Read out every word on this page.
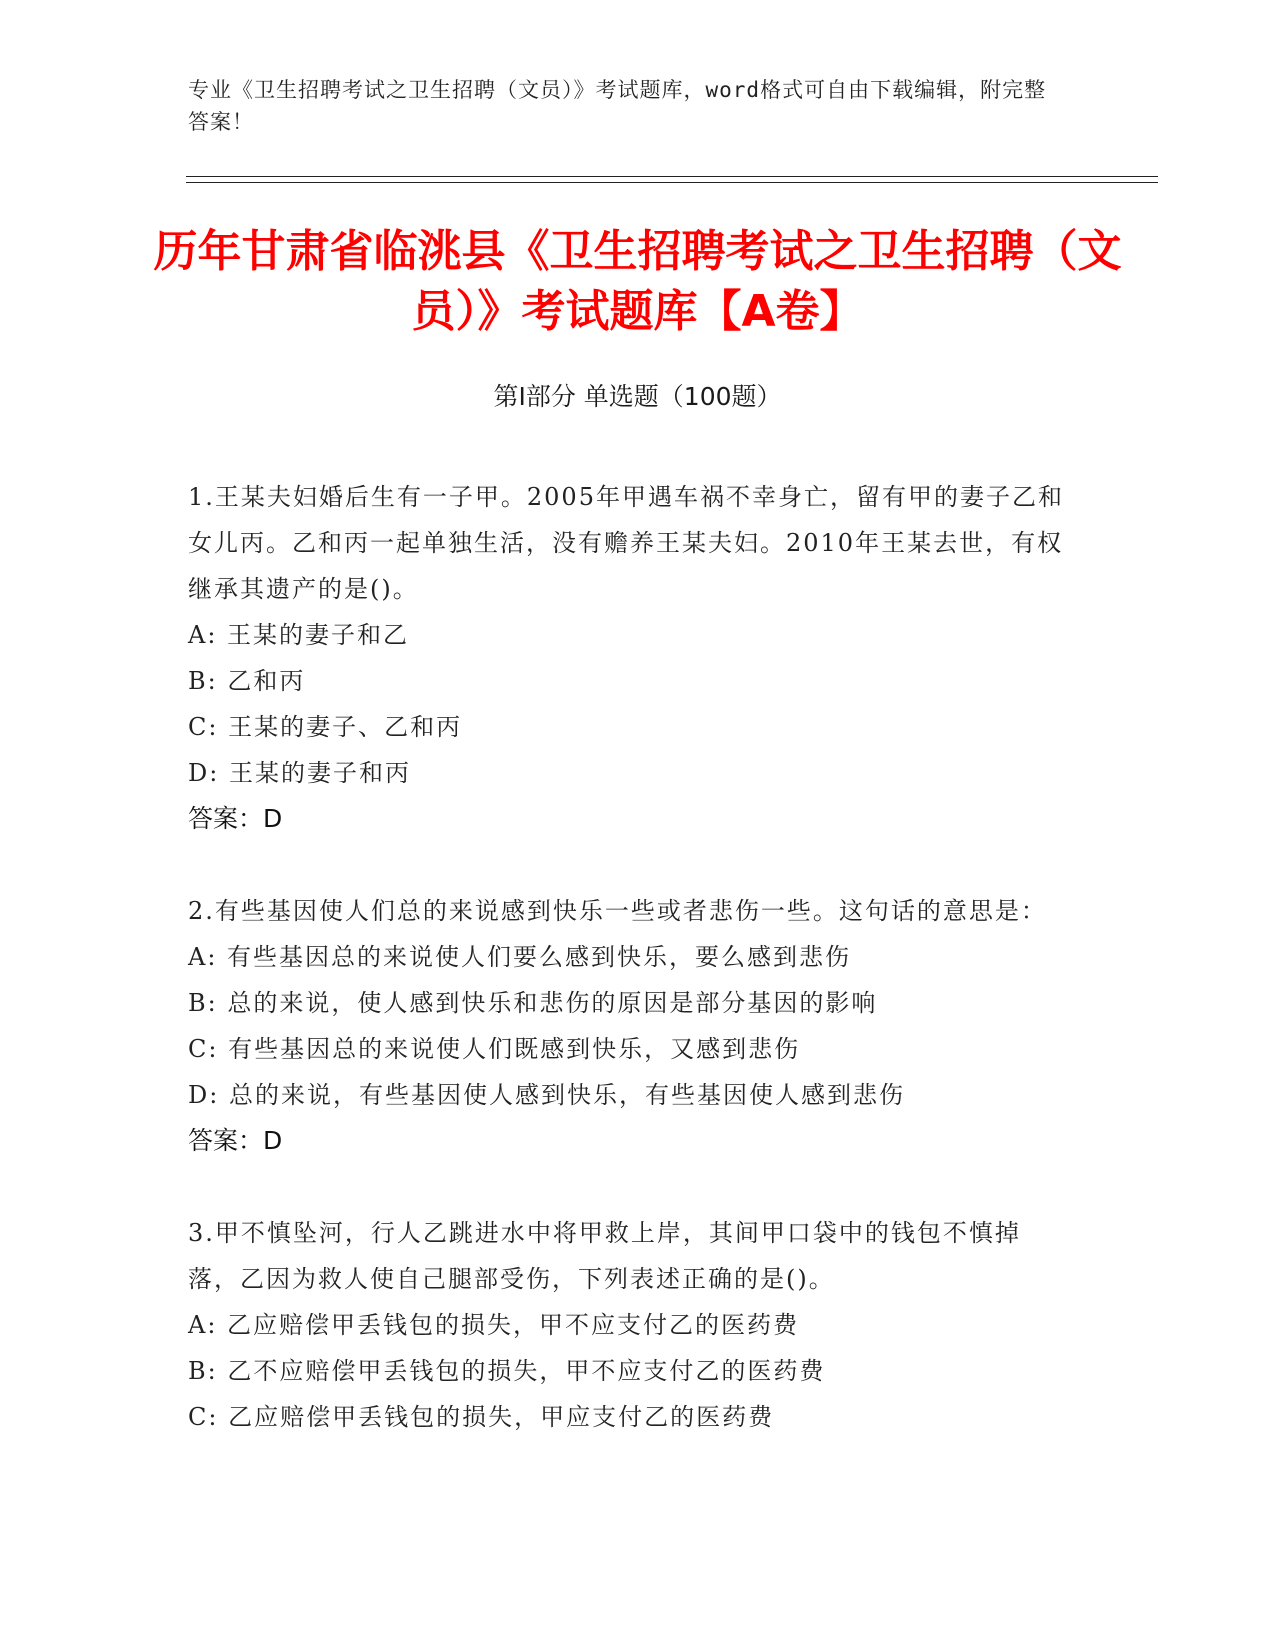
专业《卫生招聘考试之卫生招聘（文员）》考试题库，word格式可自由下载编辑，附完整答案！
历年甘肃省临洮县《卫生招聘考试之卫生招聘（文员）》考试题库【A卷】
第Ⅰ部分 单选题（100题）
1.王某夫妇婚后生有一子甲。2005年甲遇车祸不幸身亡，留有甲的妻子乙和女儿丙。乙和丙一起单独生活，没有赡养王某夫妇。2010年王某去世，有权继承其遗产的是()。
A: 王某的妻子和乙
B: 乙和丙
C: 王某的妻子、乙和丙
D: 王某的妻子和丙
答案：D
2.有些基因使人们总的来说感到快乐一些或者悲伤一些。这句话的意思是：
A: 有些基因总的来说使人们要么感到快乐，要么感到悲伤
B: 总的来说，使人感到快乐和悲伤的原因是部分基因的影响
C: 有些基因总的来说使人们既感到快乐，又感到悲伤
D: 总的来说，有些基因使人感到快乐，有些基因使人感到悲伤
答案：D
3.甲不慎坠河，行人乙跳进水中将甲救上岸，其间甲口袋中的钱包不慎掉落，乙因为救人使自己腿部受伤，下列表述正确的是()。
A: 乙应赔偿甲丢钱包的损失，甲不应支付乙的医药费
B: 乙不应赔偿甲丢钱包的损失，甲不应支付乙的医药费
C: 乙应赔偿甲丢钱包的损失，甲应支付乙的医药费
